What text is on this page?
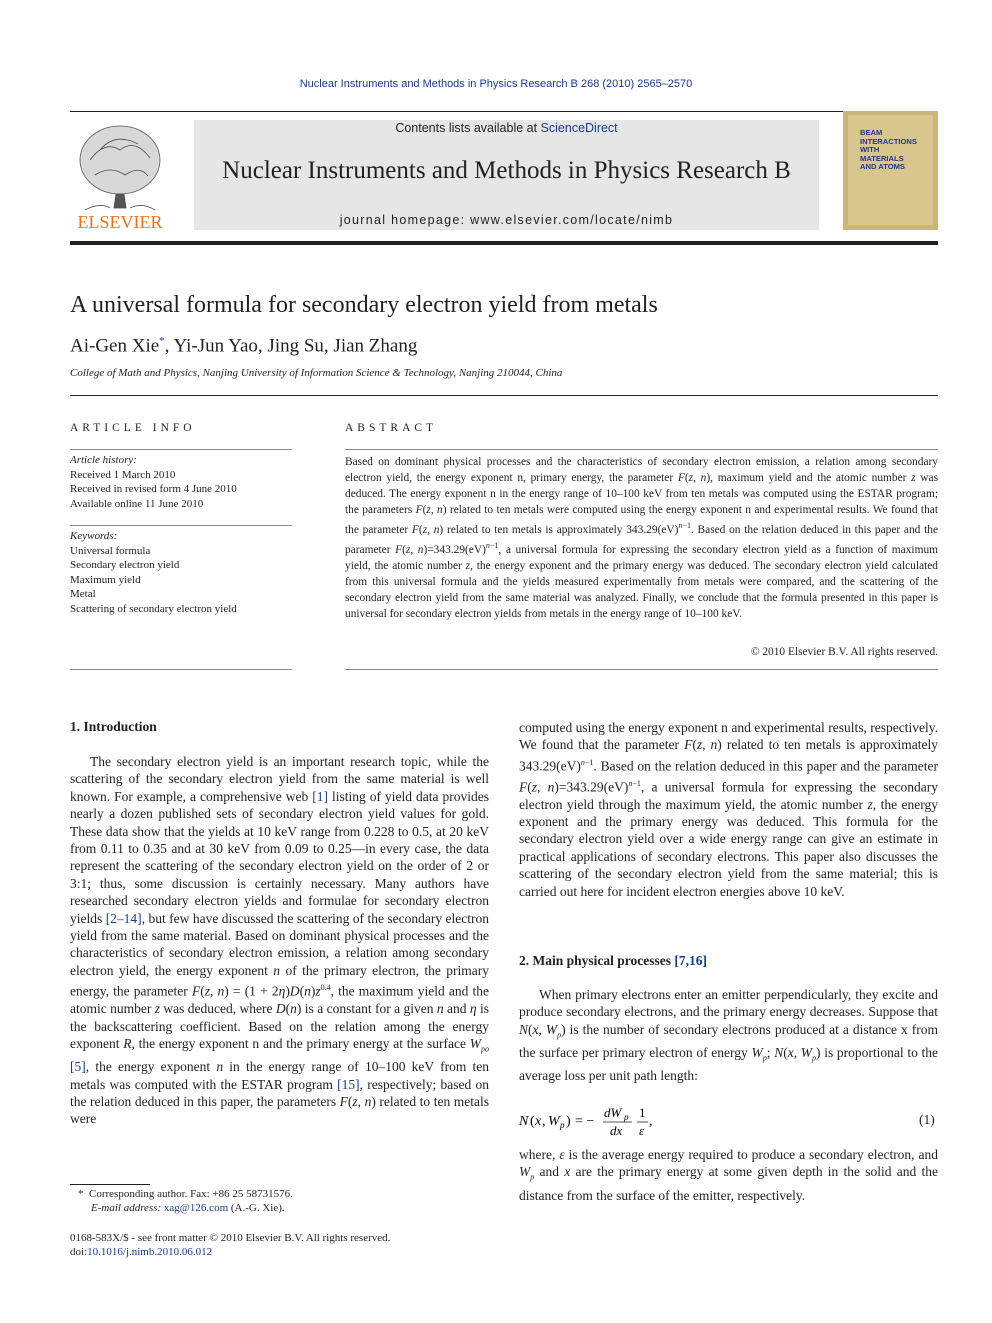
Nuclear Instruments and Methods in Physics Research B 268 (2010) 2565–2570
ELSEVIER
Contents lists available at ScienceDirect
Nuclear Instruments and Methods in Physics Research B
journal homepage: www.elsevier.com/locate/nimb
BEAM
INTERACTIONS
WITH
MATERIALS
AND ATOMS
A universal formula for secondary electron yield from metals
Ai-Gen Xie*, Yi-Jun Yao, Jing Su, Jian Zhang
College of Math and Physics, Nanjing University of Information Science & Technology, Nanjing 210044, China
ARTICLE INFO	ABSTRACT
Article history:
Received 1 March 2010
Received in revised form 4 June 2010
Available online 11 June 2010
Keywords:
Universal formula
Secondary electron yield
Maximum yield
Metal
Scattering of secondary electron yield
Based on dominant physical processes and the characteristics of secondary electron emission, a relation among secondary electron yield, the energy exponent n, primary energy, the parameter F(z, n), maximum yield and the atomic number z was deduced. The energy exponent n in the energy range of 10–100 keV from ten metals was computed using the ESTAR program; the parameters F(z, n) related to ten metals were computed using the energy exponent n and experimental results. We found that the parameter F(z, n) related to ten metals is approximately 343.29(eV)$^{n-1}$. Based on the relation deduced in this paper and the parameter F(z, n)=343.29(eV)$^{n-1}$, a universal formula for expressing the secondary electron yield as a function of maximum yield, the atomic number z, the energy exponent and the primary energy was deduced. The secondary electron yield calculated from this universal formula and the yields measured experimentally from metals were compared, and the scattering of the secondary electron yield from the same material was analyzed. Finally, we conclude that the formula presented in this paper is universal for secondary electron yields from metals in the energy range of 10–100 keV.
© 2010 Elsevier B.V. All rights reserved.
1. Introduction

The secondary electron yield is an important research topic, while the scattering of the secondary electron yield from the same material is well known. For example, a comprehensive web [1] listing of yield data provides nearly a dozen published sets of secondary electron yield values for gold. These data show that the yields at 10 keV range from 0.228 to 0.5, at 20 keV from 0.11 to 0.35 and at 30 keV from 0.09 to 0.25—in every case, the data represent the scattering of the secondary electron yield on the order of 2 or 3:1; thus, some discussion is certainly necessary. Many authors have researched secondary electron yields and formulae for secondary electron yields [2–14], but few have discussed the scattering of the secondary electron yield from the same material. Based on dominant physical processes and the characteristics of secondary electron emission, a relation among secondary electron yield, the energy exponent n of the primary electron, the primary energy, the parameter F(z, $n) = (1 + 2\eta)D(n)z^{0.4}$, the maximum yield and the atomic number z was deduced, where D(n) is a constant for a given n and η is the backscattering coefficient. Based on the relation among the energy exponent R, the energy exponent n and the primary energy at the surface $W_{po}$ [5], the energy exponent n in the energy range of 10–100 keV from ten metals was computed with the ESTAR program [15], respectively; based on the relation deduced in this paper, the parameters F(z, n) related to ten metals were

computed using the energy exponent n and experimental results, respectively. We found that the parameter F(z, n) related to ten metals is approximately 343.29(eV)$^{n-1}$. Based on the relation deduced in this paper and the parameter F(z, n)=343.29(eV)$^{n-1}$, a universal formula for expressing the secondary electron yield through the maximum yield, the atomic number z, the energy exponent and the primary energy was deduced. This formula for the secondary electron yield over a wide energy range can give an estimate in practical applications of secondary electrons. This paper also discusses the scattering of the secondary electron yield from the same material; this is carried out here for incident electron energies above 10 keV.

2. Main physical processes [7,16]

When primary electrons enter an emitter perpendicularly, they excite and produce secondary electrons, and the primary energy decreases. Suppose that N(x, $W_p$) is the number of secondary electrons produced at a distance x from the surface per primary electron of energy $W_p$; N(x, $W_p$) is proportional to the average loss per unit path length:

N ( x , W p ) = −
dW p
dx
1
ε
,	(1)

where, ε is the average energy required to produce a secondary electron, and $W_p$ and x are the primary energy at some given depth in the solid and the distance from the surface of the emitter, respectively.

*  Corresponding author. Fax: +86 25 58731576.
E-mail address: xag@126.com (A.-G. Xie).
0168-583X/$ - see front matter © 2010 Elsevier B.V. All rights reserved.
doi:10.1016/j.nimb.2010.06.012
